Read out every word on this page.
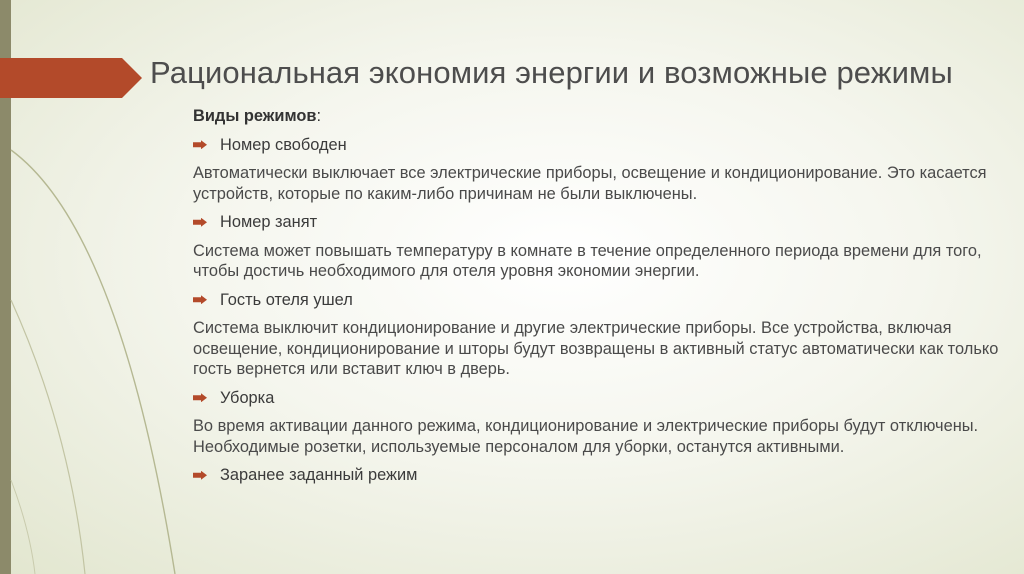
Рациональная экономия энергии и возможные режимы
Виды режимов:
Номер свободен
Автоматически выключает все электрические приборы, освещение и кондиционирование. Это касается устройств, которые по каким-либо причинам не были выключены.
Номер занят
Система может повышать температуру в комнате в течение определенного периода времени для того, чтобы достичь необходимого для отеля уровня экономии энергии.
Гость отеля ушел
Система выключит кондиционирование и другие электрические приборы. Все устройства, включая освещение, кондиционирование и шторы будут возвращены в активный статус автоматически как только гость вернется или вставит ключ в дверь.
Уборка
Во время активации данного режима, кондиционирование и электрические приборы будут отключены. Необходимые розетки, используемые персоналом для уборки, останутся активными.
Заранее заданный режим
